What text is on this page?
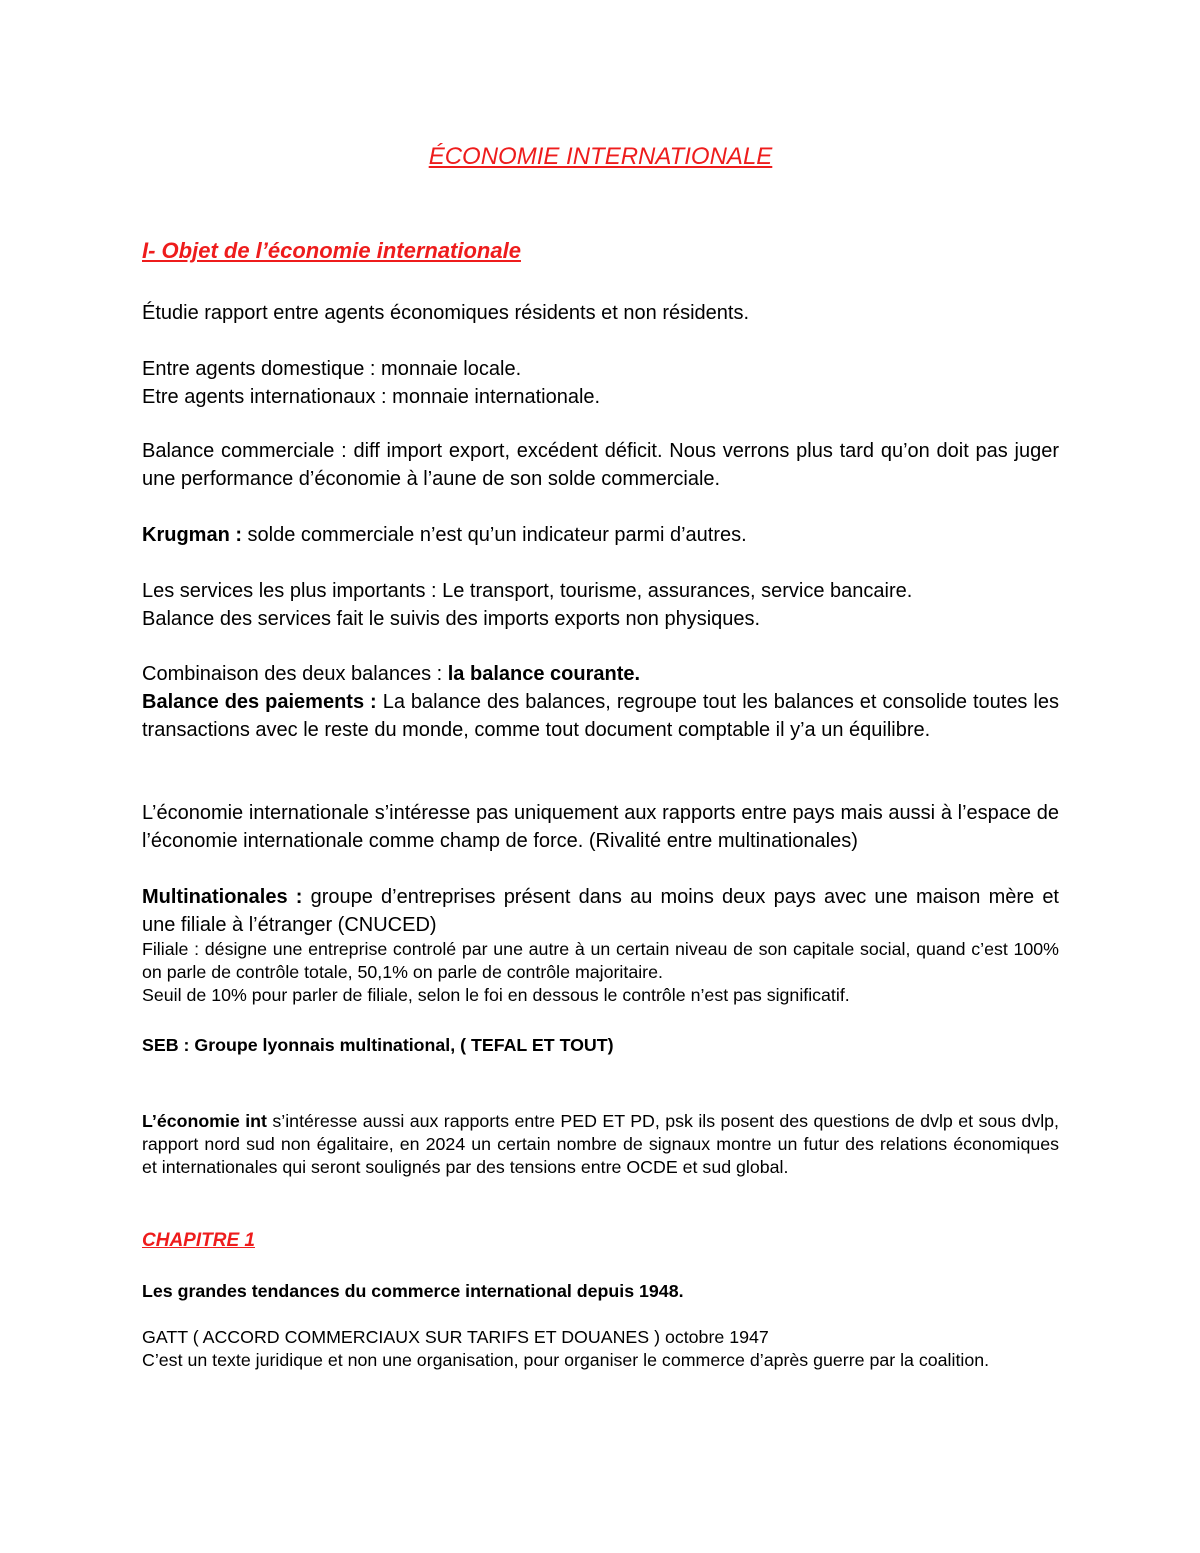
ÉCONOMIE INTERNATIONALE
I- Objet de l’économie internationale

Étudie rapport entre agents économiques résidents et non résidents.

Entre agents domestique : monnaie locale.
Etre agents internationaux : monnaie internationale.

Balance commerciale : diff import export, excédent déficit. Nous verrons plus tard qu’on doit pas juger une performance d’économie à l’aune de son solde commerciale.

Krugman : solde commerciale n’est qu’un indicateur parmi d’autres.

Les services les plus importants : Le transport, tourisme, assurances, service bancaire.
Balance des services fait le suivis des imports exports non physiques.

Combinaison des deux balances : la balance courante.

Balance des paiements : La balance des balances, regroupe tout les balances et consolide toutes les transactions avec le reste du monde, comme tout document comptable il y’a un équilibre.

L’économie internationale s’intéresse pas uniquement aux rapports entre pays mais aussi à l’espace de l’économie internationale comme champ de force. (Rivalité entre multinationales)

Multinationales : groupe d’entreprises présent dans au moins deux pays avec une maison mère et une filiale à l’étranger (CNUCED)

Filiale : désigne une entreprise controlé par une autre à un certain niveau de son capitale social, quand c’est 100% on parle de contrôle totale, 50,1% on parle de contrôle majoritaire.

Seuil de 10% pour parler de filiale, selon le foi en dessous le contrôle n’est pas significatif.

SEB : Groupe lyonnais multinational, ( TEFAL ET TOUT)

L’économie int s’intéresse aussi aux rapports entre PED ET PD, psk ils posent des questions de dvlp et sous dvlp, rapport nord sud non égalitaire, en 2024 un certain nombre de signaux montre un futur des relations économiques et internationales qui seront soulignés par des tensions entre OCDE et sud global.

CHAPITRE 1

Les grandes tendances du commerce international depuis 1948.

GATT ( ACCORD COMMERCIAUX SUR TARIFS ET DOUANES ) octobre 1947

C’est un texte juridique et non une organisation, pour organiser le commerce d’après guerre par la coalition.
